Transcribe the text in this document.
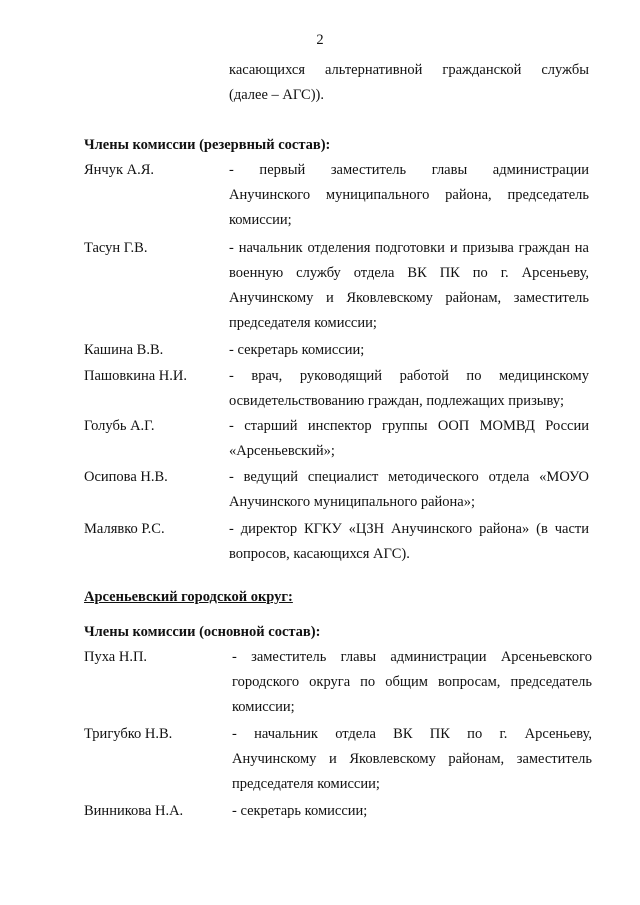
2
касающихся альтернативной гражданской службы
(далее – АГС)).
Члены комиссии (резервный состав):
Янчук А.Я.	- первый заместитель главы администрации
Анучинского муниципального района, председатель
комиссии;
Тасун Г.В.	- начальник отделения подготовки и призыва граждан на
военную службу отдела ВК ПК по г. Арсеньеву,
Анучинскому и Яковлевскому районам, заместитель
председателя комиссии;
Кашина В.В.	- секретарь комиссии;
Пашовкина Н.И.	- врач, руководящий работой по медицинскому
освидетельствованию граждан, подлежащих призыву;
Голубь А.Г.	- старший инспектор группы ООП МОМВД России
«Арсеньевский»;
Осипова Н.В.	- ведущий специалист методического отдела «МОУО
Анучинского муниципального района»;
Малявко Р.С.	- директор КГКУ «ЦЗН Анучинского района» (в части
вопросов, касающихся АГС).
Арсеньевский городской округ:
Члены комиссии (основной состав):
Пуха Н.П.	- заместитель главы администрации Арсеньевского
городского округа по общим вопросам, председатель
комиссии;
Тригубко Н.В.	- начальник отдела ВК ПК по г. Арсеньеву,
Анучинскому и Яковлевскому районам, заместитель
председателя комиссии;
Винникова Н.А.	- секретарь комиссии;
